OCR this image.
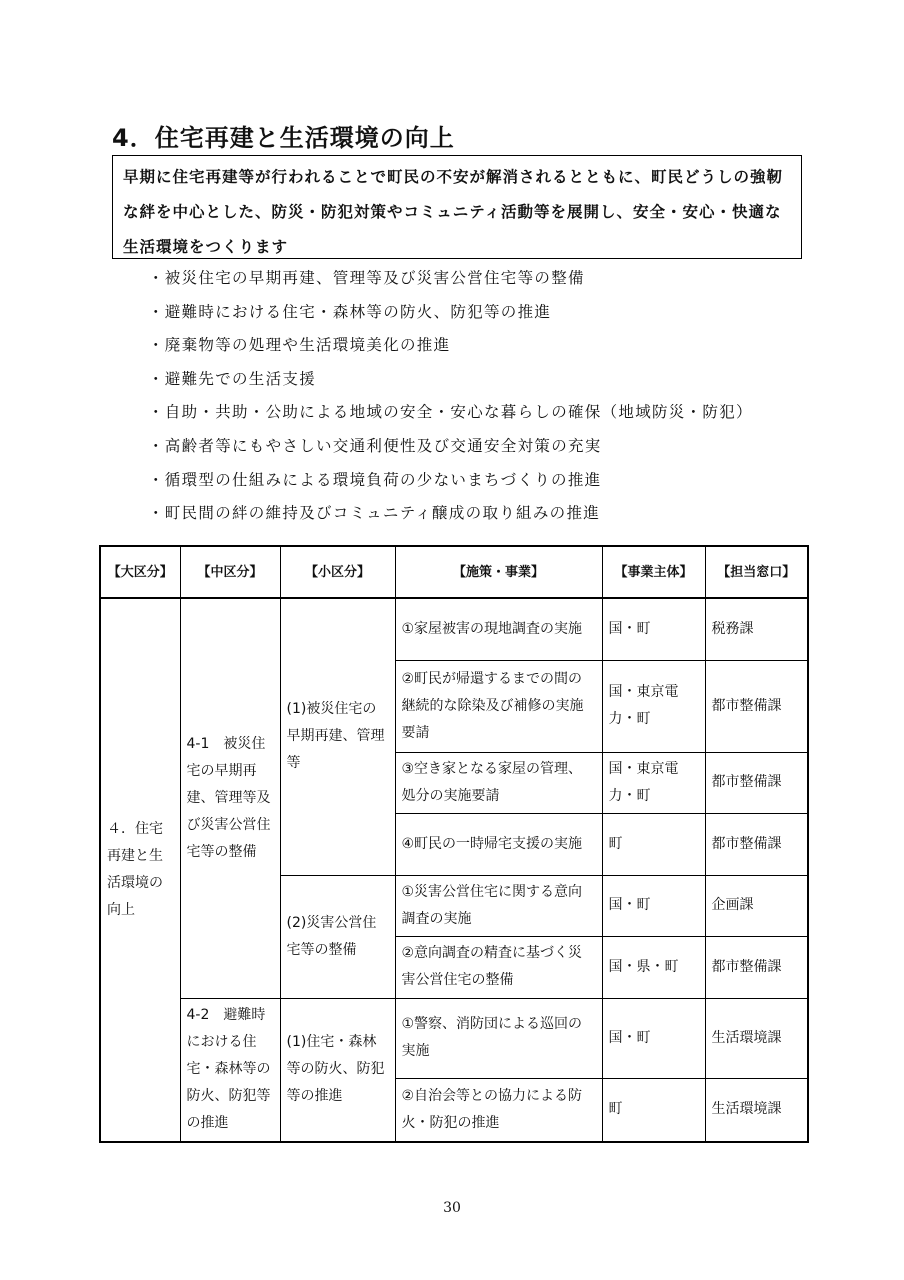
4．住宅再建と生活環境の向上
早期に住宅再建等が行われることで町民の不安が解消されるとともに、町民どうしの強靭な絆を中心とした、防災・防犯対策やコミュニティ活動等を展開し、安全・安心・快適な生活環境をつくります
・被災住宅の早期再建、管理等及び災害公営住宅等の整備
・避難時における住宅・森林等の防火、防犯等の推進
・廃棄物等の処理や生活環境美化の推進
・避難先での生活支援
・自助・共助・公助による地域の安全・安心な暮らしの確保（地域防災・防犯）
・高齢者等にもやさしい交通利便性及び交通安全対策の充実
・循環型の仕組みによる環境負荷の少ないまちづくりの推進
・町民間の絆の維持及びコミュニティ醸成の取り組みの推進
【大区分】	【中区分】	【小区分】	【施策・事業】	【事業主体】	【担当窓口】
４．住宅再建と生活環境の向上	4-1　被災住宅の早期再建、管理等及び災害公営住宅等の整備	(1)被災住宅の早期再建、管理等	①家屋被害の現地調査の実施	国・町	税務課
			②町民が帰還するまでの間の継続的な除染及び補修の実施要請	国・東京電力・町	都市整備課
			③空き家となる家屋の管理、処分の実施要請	国・東京電力・町	都市整備課
			④町民の一時帰宅支援の実施	町	都市整備課
		(2)災害公営住宅等の整備	①災害公営住宅に関する意向調査の実施	国・町	企画課
			②意向調査の精査に基づく災害公営住宅の整備	国・県・町	都市整備課
	4-2　避難時における住宅・森林等の防火、防犯等の推進	(1)住宅・森林等の防火、防犯等の推進	①警察、消防団による巡回の実施	国・町	生活環境課
			②自治会等との協力による防火・防犯の推進	町	生活環境課
30
